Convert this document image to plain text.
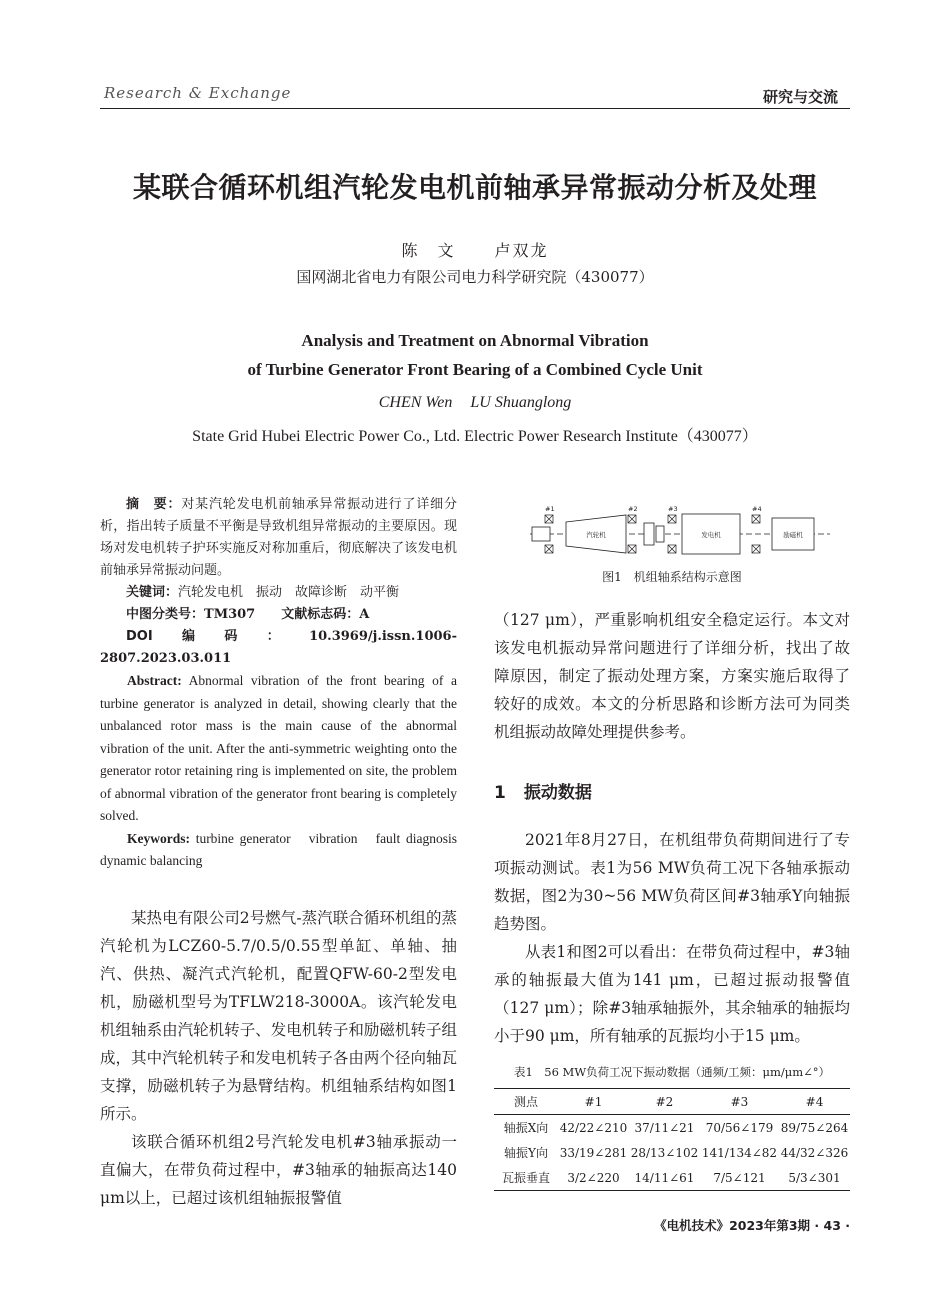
Research & Exchange	研究与交流
某联合循环机组汽轮发电机前轴承异常振动分析及处理
陈　文 卢双龙
国网湖北省电力有限公司电力科学研究院（430077）
Analysis and Treatment on Abnormal Vibration
of Turbine Generator Front Bearing of a Combined Cycle Unit
CHEN Wen LU Shuanglong
State Grid Hubei Electric Power Co., Ltd. Electric Power Research Institute（430077）

摘　要：对某汽轮发电机前轴承异常振动进行了详细分析，指出转子质量不平衡是导致机组异常振动的主要原因。现场对发电机转子护环实施反对称加重后，彻底解决了该发电机前轴承异常振动问题。

关键词：汽轮发电机　振动　故障诊断　动平衡

中图分类号：TM307　　 文献标志码：A

DOI编码：10.3969/j.issn.1006-2807.2023.03.011

Abstract: Abnormal vibration of the front bearing of a turbine generator is analyzed in detail, showing clearly that the unbalanced rotor mass is the main cause of the abnormal vibration of the unit. After the anti-symmetric weighting onto the generator rotor retaining ring is implemented on site, the problem of abnormal vibration of the generator front bearing is completely solved.

Keywords: turbine generator　vibration　fault diagnosis　dynamic balancing

某热电有限公司2号燃气-蒸汽联合循环机组的蒸汽轮机为LCZ60-5.7/0.5/0.55型单缸、单轴、抽汽、供热、凝汽式汽轮机，配置QFW-60-2型发电机，励磁机型号为TFLW218-3000A。该汽轮发电机组轴系由汽轮机转子、发电机转子和励磁机转子组成，其中汽轮机转子和发电机转子各由两个径向轴瓦支撑，励磁机转子为悬臂结构。机组轴系结构如图1所示。

该联合循环机组2号汽轮发电机#3轴承振动一直偏大，在带负荷过程中，#3轴承的轴振高达140 μm以上，已超过该机组轴振报警值

#1	#2	#3	#4
汽轮机	发电机	励磁机
图1　机组轴系结构示意图

（127 μm），严重影响机组安全稳定运行。本文对该发电机振动异常问题进行了详细分析，找出了故障原因，制定了振动处理方案，方案实施后取得了较好的成效。本文的分析思路和诊断方法可为同类机组振动故障处理提供参考。

1 振动数据

2021年8月27日，在机组带负荷期间进行了专项振动测试。表1为56 MW负荷工况下各轴承振动数据，图2为30~56 MW负荷区间#3轴承Y向轴振趋势图。

从表1和图2可以看出：在带负荷过程中，#3轴承的轴振最大值为141 μm，已超过振动报警值（127 μm）；除#3轴承轴振外，其余轴承的轴振均小于90 μm，所有轴承的瓦振均小于15 μm。

表1　56 MW负荷工况下振动数据（通频/工频：μm/μm∠°）
测点	#1	#2	#3	#4
轴振X向	42/22∠210	37/11∠21	70/56∠179	89/75∠264
轴振Y向	33/19∠281	28/13∠102	141/134∠82	44/32∠326
瓦振垂直	3/2∠220	14/11∠61	7/5∠121	5/3∠301
《电机技术》2023年第3期 · 43 ·
